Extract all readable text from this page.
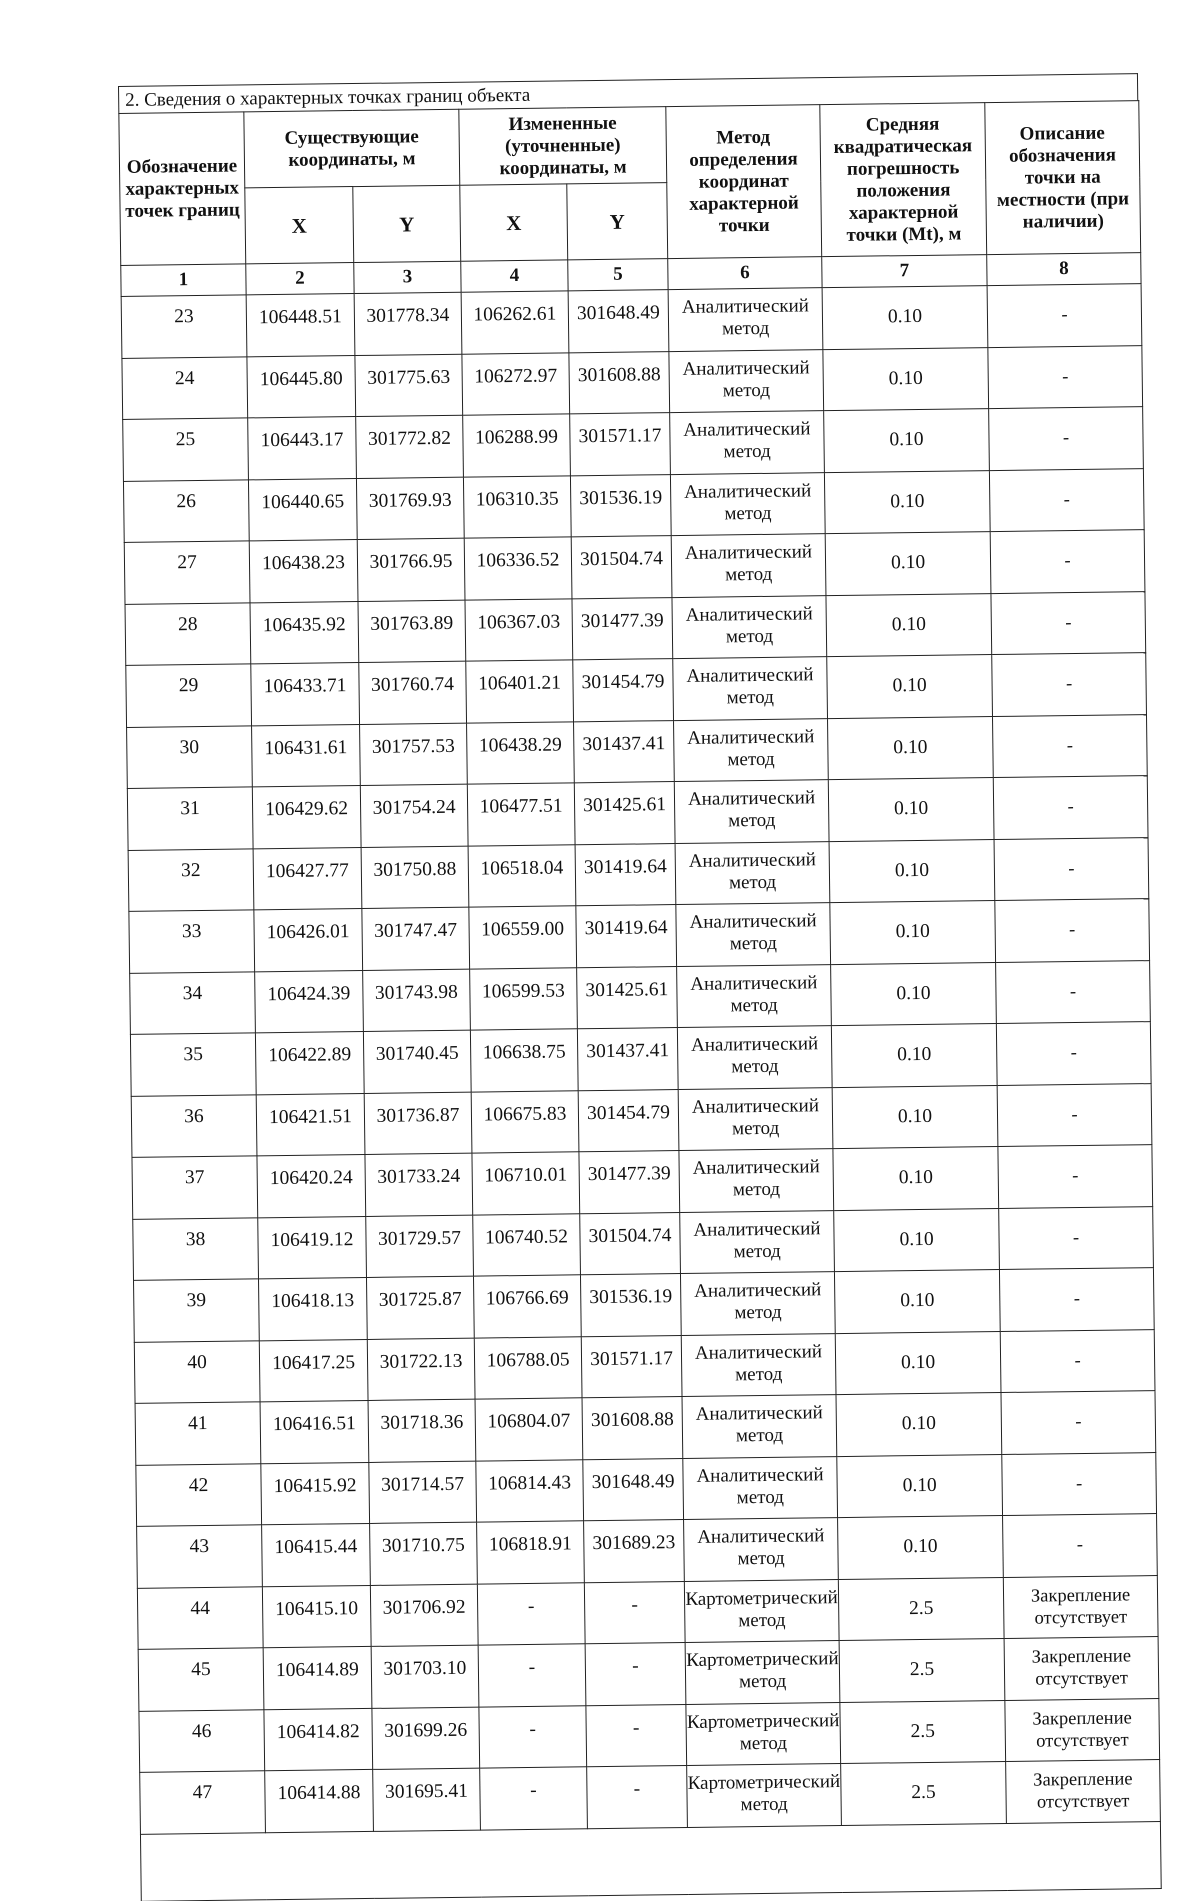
2. Сведения о характерных точках границ объекта
Обозначение характерных точек границ	Существующие координаты, м		Измененные (уточненные) координаты, м		Метод определения координат характерной точки	Средняя квадратическая погрешность положения характерной точки (Mt), м	Описание обозначения точки на местности (при наличии)
	X	Y	X	Y			
1	2	3	4	5	6	7	8
23	106448.51	301778.34	106262.61	301648.49	Аналитический метод	0.10	-
24	106445.80	301775.63	106272.97	301608.88	Аналитический метод	0.10	-
25	106443.17	301772.82	106288.99	301571.17	Аналитический метод	0.10	-
26	106440.65	301769.93	106310.35	301536.19	Аналитический метод	0.10	-
27	106438.23	301766.95	106336.52	301504.74	Аналитический метод	0.10	-
28	106435.92	301763.89	106367.03	301477.39	Аналитический метод	0.10	-
29	106433.71	301760.74	106401.21	301454.79	Аналитический метод	0.10	-
30	106431.61	301757.53	106438.29	301437.41	Аналитический метод	0.10	-
31	106429.62	301754.24	106477.51	301425.61	Аналитический метод	0.10	-
32	106427.77	301750.88	106518.04	301419.64	Аналитический метод	0.10	-
33	106426.01	301747.47	106559.00	301419.64	Аналитический метод	0.10	-
34	106424.39	301743.98	106599.53	301425.61	Аналитический метод	0.10	-
35	106422.89	301740.45	106638.75	301437.41	Аналитический метод	0.10	-
36	106421.51	301736.87	106675.83	301454.79	Аналитический метод	0.10	-
37	106420.24	301733.24	106710.01	301477.39	Аналитический метод	0.10	-
38	106419.12	301729.57	106740.52	301504.74	Аналитический метод	0.10	-
39	106418.13	301725.87	106766.69	301536.19	Аналитический метод	0.10	-
40	106417.25	301722.13	106788.05	301571.17	Аналитический метод	0.10	-
41	106416.51	301718.36	106804.07	301608.88	Аналитический метод	0.10	-
42	106415.92	301714.57	106814.43	301648.49	Аналитический метод	0.10	-
43	106415.44	301710.75	106818.91	301689.23	Аналитический метод	0.10	-
44	106415.10	301706.92	-	-	Картометрический метод	2.5	Закрепление отсутствует
45	106414.89	301703.10	-	-	Картометрический метод	2.5	Закрепление отсутствует
46	106414.82	301699.26	-	-	Картометрический метод	2.5	Закрепление отсутствует
47	106414.88	301695.41	-	-	Картометрический метод	2.5	Закрепление отсутствует
